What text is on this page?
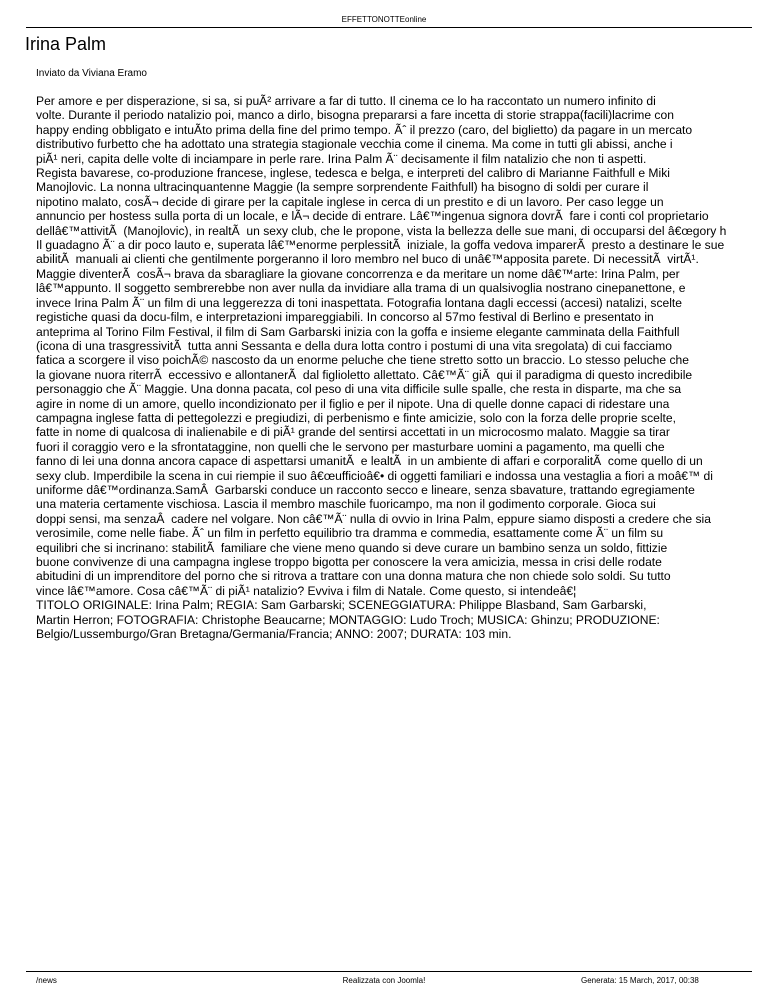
EFFETTONOTTEonline
Irina Palm
Inviato da Viviana Eramo
Per amore e per disperazione, si sa, si puÃ² arrivare a far di tutto. Il cinema ce lo ha raccontato un numero infinito di
volte. Durante il periodo natalizio poi, manco a dirlo, bisogna prepararsi a fare incetta di storie strappa(facili)lacrime con
happy ending obbligato e intuÃto prima della fine del primo tempo. Ãˆ il prezzo (caro, del biglietto) da pagare in un mercato
distributivo furbetto che ha adottato una strategia stagionale vecchia come il cinema. Ma come in tutti gli abissi, anche i
piÃ¹ neri, capita delle volte di inciampare in perle rare. Irina Palm Ã¨ decisamente il film natalizio che non ti aspetti.
Regista bavarese, co-produzione francese, inglese, tedesca e belga, e interpreti del calibro di Marianne Faithfull e Miki
Manojlovic. La nonna ultracinquantenne Maggie (la sempre sorprendente Faithfull) ha bisogno di soldi per curare il
nipotino malato, cosÃ¬ decide di girare per la capitale inglese in cerca di un prestito e di un lavoro. Per caso legge un
annuncio per hostess sulla porta di un locale, e lÃ¬ decide di entrare. Lâ€™ingenua signora dovrÃ  fare i conti col proprietario
dellâ€™attivitÃ  (Manojlovic), in realtÃ  un sexy club, che le propone, vista la bellezza delle sue mani, di occuparsi del â€œgory h
Il guadagno Ã¨ a dir poco lauto e, superata lâ€™enorme perplessitÃ  iniziale, la goffa vedova imparerÃ  presto a destinare le sue
abilitÃ  manuali ai clienti che gentilmente porgeranno il loro membro nel buco di unâ€™apposita parete. Di necessitÃ  virtÃ¹.
Maggie diventerÃ  cosÃ¬ brava da sbaragliare la giovane concorrenza e da meritare un nome dâ€™arte: Irina Palm, per
lâ€™appunto. Il soggetto sembrerebbe non aver nulla da invidiare alla trama di un qualsivoglia nostrano cinepanettone, e
invece Irina Palm Ã¨ un film di una leggerezza di toni inaspettata. Fotografia lontana dagli eccessi (accesi) natalizi, scelte
registiche quasi da docu-film, e interpretazioni impareggiabili. In concorso al 57mo festival di Berlino e presentato in
anteprima al Torino Film Festival, il film di Sam Garbarski inizia con la goffa e insieme elegante camminata della Faithfull
(icona di una trasgressivitÃ  tutta anni Sessanta e della dura lotta contro i postumi di una vita sregolata) di cui facciamo
fatica a scorgere il viso poichÃ© nascosto da un enorme peluche che tiene stretto sotto un braccio. Lo stesso peluche che
la giovane nuora riterrÃ  eccessivo e allontanerÃ  dal figlioletto allettato. Câ€™Ã¨ giÃ  qui il paradigma di questo incredibile
personaggio che Ã¨ Maggie. Una donna pacata, col peso di una vita difficile sulle spalle, che resta in disparte, ma che sa
agire in nome di un amore, quello incondizionato per il figlio e per il nipote. Una di quelle donne capaci di ridestare una
campagna inglese fatta di pettegolezzi e pregiudizi, di perbenismo e finte amicizie, solo con la forza delle proprie scelte,
fatte in nome di qualcosa di inalienabile e di piÃ¹ grande del sentirsi accettati in un microcosmo malato. Maggie sa tirar
fuori il coraggio vero e la sfrontataggine, non quelli che le servono per masturbare uomini a pagamento, ma quelli che
fanno di lei una donna ancora capace di aspettarsi umanitÃ  e lealtÃ  in un ambiente di affari e corporalitÃ  come quello di un
sexy club. Imperdibile la scena in cui riempie il suo â€œufficioâ€• di oggetti familiari e indossa una vestaglia a fiori a moâ€™ di
uniforme dâ€™ordinanza.SamÂ  Garbarski conduce un racconto secco e lineare, senza sbavature, trattando egregiamente
una materia certamente vischiosa. Lascia il membro maschile fuoricampo, ma non il godimento corporale. Gioca sui
doppi sensi, ma senzaÂ  cadere nel volgare. Non câ€™Ã¨ nulla di ovvio in Irina Palm, eppure siamo disposti a credere che sia
verosimile, come nelle fiabe. Ãˆ un film in perfetto equilibrio tra dramma e commedia, esattamente come Ã¨ un film su
equilibri che si incrinano: stabilitÃ  familiare che viene meno quando si deve curare un bambino senza un soldo, fittizie
buone convivenze di una campagna inglese troppo bigotta per conoscere la vera amicizia, messa in crisi delle rodate
abitudini di un imprenditore del porno che si ritrova a trattare con una donna matura che non chiede solo soldi. Su tutto
vince lâ€™amore. Cosa câ€™Ã¨ di piÃ¹ natalizio? Evviva i film di Natale. Come questo, si intendeâ€¦
TITOLO ORIGINALE: Irina Palm; REGIA: Sam Garbarski; SCENEGGIATURA: Philippe Blasband, Sam Garbarski,
Martin Herron; FOTOGRAFIA: Christophe Beaucarne; MONTAGGIO: Ludo Troch; MUSICA: Ghinzu; PRODUZIONE:
Belgio/Lussemburgo/Gran Bretagna/Germania/Francia; ANNO: 2007; DURATA: 103 min.
/news	Realizzata con Joomla!	Generata: 15 March, 2017, 00:38
